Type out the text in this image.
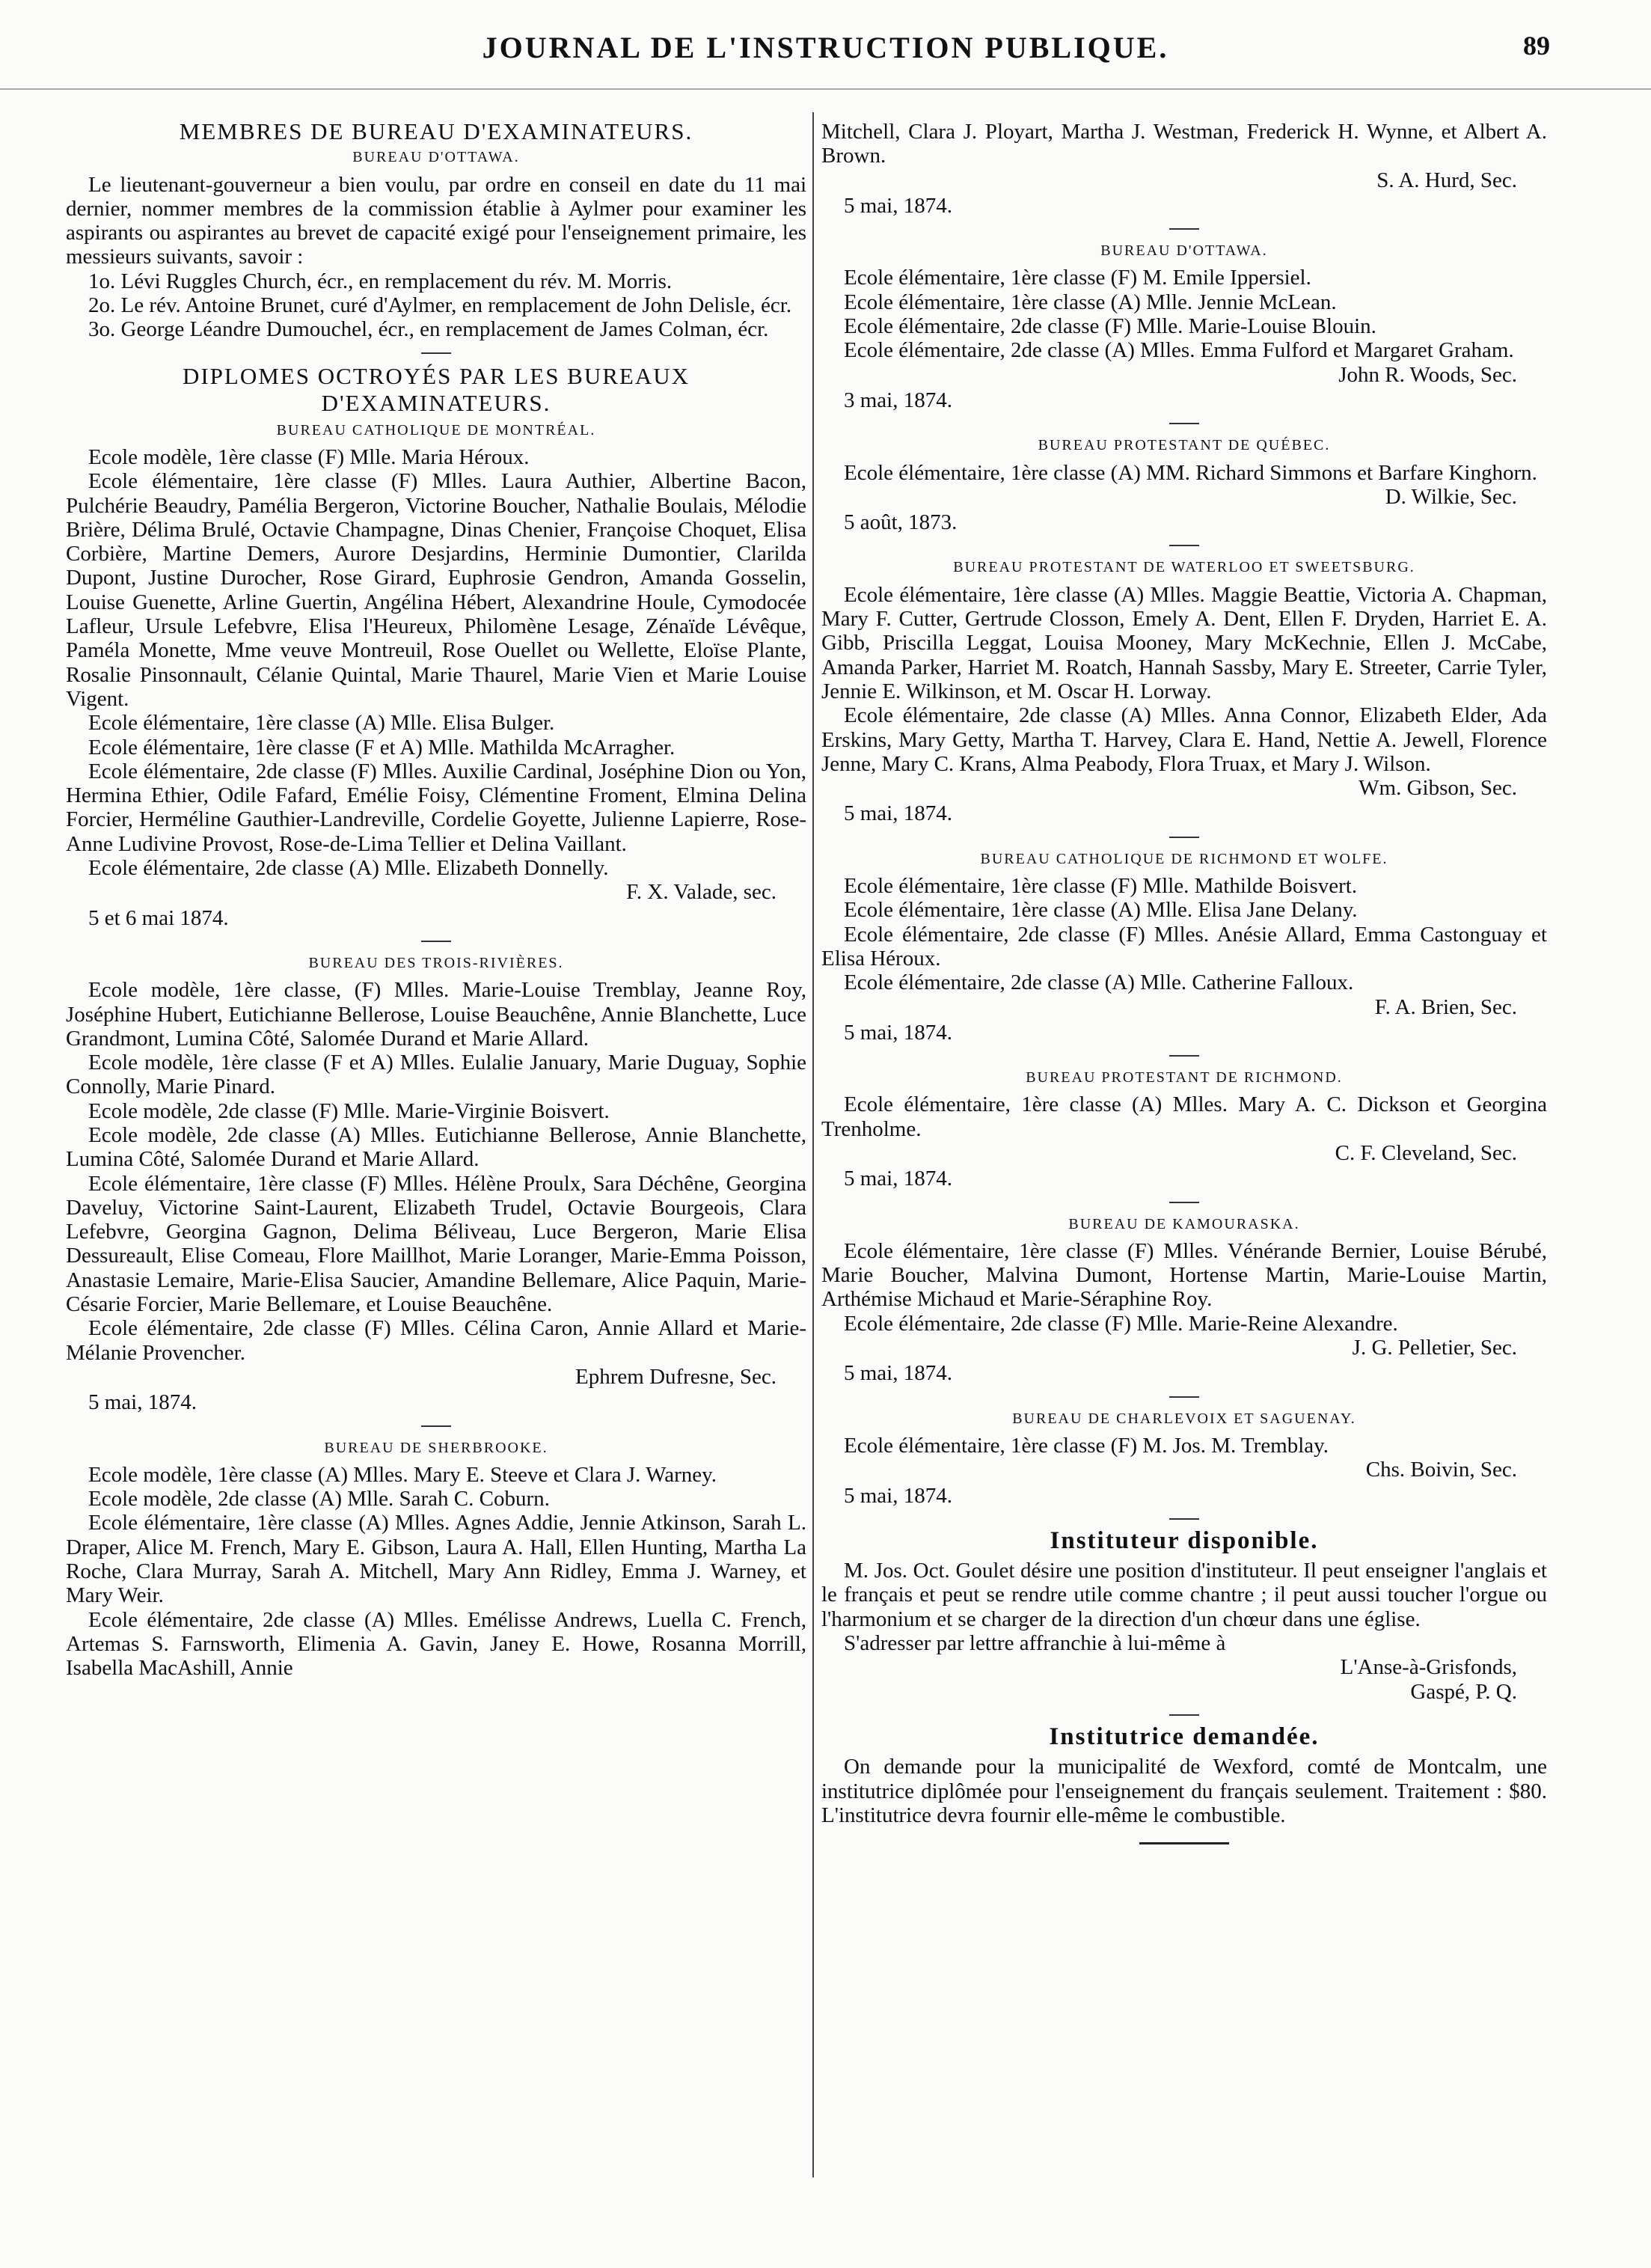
JOURNAL DE L'INSTRUCTION PUBLIQUE.	89
MEMBRES DE BUREAU D'EXAMINATEURS.
BUREAU D'OTTAWA.

Le lieutenant-gouverneur a bien voulu, par ordre en conseil en date du 11 mai dernier, nommer membres de la commission établie à Aylmer pour examiner les aspirants ou aspirantes au brevet de capacité exigé pour l'enseignement primaire, les messieurs suivants, savoir :

1o. Lévi Ruggles Church, écr., en remplacement du rév. M. Morris.

2o. Le rév. Antoine Brunet, curé d'Aylmer, en remplacement de John Delisle, écr.

3o. George Léandre Dumouchel, écr., en remplacement de James Colman, écr.

DIPLOMES OCTROYÉS PAR LES BUREAUX D'EXAMINATEURS.
BUREAU CATHOLIQUE DE MONTRÉAL.

Ecole modèle, 1ère classe (F) Mlle. Maria Héroux.

Ecole élémentaire, 1ère classe (F) Mlles. Laura Authier, Albertine Bacon, Pulchérie Beaudry, Pamélia Bergeron, Victorine Boucher, Nathalie Boulais, Mélodie Brière, Délima Brulé, Octavie Champagne, Dinas Chenier, Françoise Choquet, Elisa Corbière, Martine Demers, Aurore Desjardins, Herminie Dumontier, Clarilda Dupont, Justine Durocher, Rose Girard, Euphrosie Gendron, Amanda Gosselin, Louise Guenette, Arline Guertin, Angélina Hébert, Alexandrine Houle, Cymodocée Lafleur, Ursule Lefebvre, Elisa l'Heureux, Philomène Lesage, Zénaïde Lévêque, Paméla Monette, Mme veuve Montreuil, Rose Ouellet ou Wellette, Eloïse Plante, Rosalie Pinsonnault, Célanie Quintal, Marie Thaurel, Marie Vien et Marie Louise Vigent.

Ecole élémentaire, 1ère classe (A) Mlle. Elisa Bulger.

Ecole élémentaire, 1ère classe (F et A) Mlle. Mathilda McArragher.

Ecole élémentaire, 2de classe (F) Mlles. Auxilie Cardinal, Joséphine Dion ou Yon, Hermina Ethier, Odile Fafard, Emélie Foisy, Clémentine Froment, Elmina Delina Forcier, Herméline Gauthier-Landreville, Cordelie Goyette, Julienne Lapierre, Rose-Anne Ludivine Provost, Rose-de-Lima Tellier et Delina Vaillant.

Ecole élémentaire, 2de classe (A) Mlle. Elizabeth Donnelly.

F. X. Valade, sec.

5 et 6 mai 1874.

BUREAU DES TROIS-RIVIÈRES.

Ecole modèle, 1ère classe, (F) Mlles. Marie-Louise Tremblay, Jeanne Roy, Joséphine Hubert, Eutichianne Bellerose, Louise Beauchêne, Annie Blanchette, Luce Grandmont, Lumina Côté, Salomée Durand et Marie Allard.

Ecole modèle, 1ère classe (F et A) Mlles. Eulalie January, Marie Duguay, Sophie Connolly, Marie Pinard.

Ecole modèle, 2de classe (F) Mlle. Marie-Virginie Boisvert.

Ecole modèle, 2de classe (A) Mlles. Eutichianne Bellerose, Annie Blanchette, Lumina Côté, Salomée Durand et Marie Allard.

Ecole élémentaire, 1ère classe (F) Mlles. Hélène Proulx, Sara Déchêne, Georgina Daveluy, Victorine Saint-Laurent, Elizabeth Trudel, Octavie Bourgeois, Clara Lefebvre, Georgina Gagnon, Delima Béliveau, Luce Bergeron, Marie Elisa Dessureault, Elise Comeau, Flore Maillhot, Marie Loranger, Marie-Emma Poisson, Anastasie Lemaire, Marie-Elisa Saucier, Amandine Bellemare, Alice Paquin, Marie-Césarie Forcier, Marie Bellemare, et Louise Beauchêne.

Ecole élémentaire, 2de classe (F) Mlles. Célina Caron, Annie Allard et Marie-Mélanie Provencher.

Ephrem Dufresne, Sec.

5 mai, 1874.

BUREAU DE SHERBROOKE.

Ecole modèle, 1ère classe (A) Mlles. Mary E. Steeve et Clara J. Warney.

Ecole modèle, 2de classe (A) Mlle. Sarah C. Coburn.

Ecole élémentaire, 1ère classe (A) Mlles. Agnes Addie, Jennie Atkinson, Sarah L. Draper, Alice M. French, Mary E. Gibson, Laura A. Hall, Ellen Hunting, Martha La Roche, Clara Murray, Sarah A. Mitchell, Mary Ann Ridley, Emma J. Warney, et Mary Weir.

Ecole élémentaire, 2de classe (A) Mlles. Emélisse Andrews, Luella C. French, Artemas S. Farnsworth, Elimenia A. Gavin, Janey E. Howe, Rosanna Morrill, Isabella MacAshill, Annie

Mitchell, Clara J. Ployart, Martha J. Westman, Frederick H. Wynne, et Albert A. Brown.

S. A. Hurd, Sec.

5 mai, 1874.

BUREAU D'OTTAWA.

Ecole élémentaire, 1ère classe (F) M. Emile Ippersiel.

Ecole élémentaire, 1ère classe (A) Mlle. Jennie McLean.

Ecole élémentaire, 2de classe (F) Mlle. Marie-Louise Blouin.

Ecole élémentaire, 2de classe (A) Mlles. Emma Fulford et Margaret Graham.

John R. Woods, Sec.

3 mai, 1874.

BUREAU PROTESTANT DE QUÉBEC.

Ecole élémentaire, 1ère classe (A) MM. Richard Simmons et Barfare Kinghorn.

D. Wilkie, Sec.

5 août, 1873.

BUREAU PROTESTANT DE WATERLOO ET SWEETSBURG.

Ecole élémentaire, 1ère classe (A) Mlles. Maggie Beattie, Victoria A. Chapman, Mary F. Cutter, Gertrude Closson, Emely A. Dent, Ellen F. Dryden, Harriet E. A. Gibb, Priscilla Leggat, Louisa Mooney, Mary McKechnie, Ellen J. McCabe, Amanda Parker, Harriet M. Roatch, Hannah Sassby, Mary E. Streeter, Carrie Tyler, Jennie E. Wilkinson, et M. Oscar H. Lorway.

Ecole élémentaire, 2de classe (A) Mlles. Anna Connor, Elizabeth Elder, Ada Erskins, Mary Getty, Martha T. Harvey, Clara E. Hand, Nettie A. Jewell, Florence Jenne, Mary C. Krans, Alma Peabody, Flora Truax, et Mary J. Wilson.

Wm. Gibson, Sec.

5 mai, 1874.

BUREAU CATHOLIQUE DE RICHMOND ET WOLFE.

Ecole élémentaire, 1ère classe (F) Mlle. Mathilde Boisvert.

Ecole élémentaire, 1ère classe (A) Mlle. Elisa Jane Delany.

Ecole élémentaire, 2de classe (F) Mlles. Anésie Allard, Emma Castonguay et Elisa Héroux.

Ecole élémentaire, 2de classe (A) Mlle. Catherine Falloux.

F. A. Brien, Sec.

5 mai, 1874.

BUREAU PROTESTANT DE RICHMOND.

Ecole élémentaire, 1ère classe (A) Mlles. Mary A. C. Dickson et Georgina Trenholme.

C. F. Cleveland, Sec.

5 mai, 1874.

BUREAU DE KAMOURASKA.

Ecole élémentaire, 1ère classe (F) Mlles. Vénérande Bernier, Louise Bérubé, Marie Boucher, Malvina Dumont, Hortense Martin, Marie-Louise Martin, Arthémise Michaud et Marie-Séraphine Roy.

Ecole élémentaire, 2de classe (F) Mlle. Marie-Reine Alexandre.

J. G. Pelletier, Sec.

5 mai, 1874.

BUREAU DE CHARLEVOIX ET SAGUENAY.

Ecole élémentaire, 1ère classe (F) M. Jos. M. Tremblay.

Chs. Boivin, Sec.

5 mai, 1874.

Instituteur disponible.

M. Jos. Oct. Goulet désire une position d'instituteur. Il peut enseigner l'anglais et le français et peut se rendre utile comme chantre ; il peut aussi toucher l'orgue ou l'harmonium et se charger de la direction d'un chœur dans une église.

S'adresser par lettre affranchie à lui-même à

L'Anse-à-Grisfonds,

Gaspé, P. Q.

Institutrice demandée.

On demande pour la municipalité de Wexford, comté de Montcalm, une institutrice diplômée pour l'enseignement du français seulement. Traitement : $80. L'institutrice devra fournir elle-même le combustible.
